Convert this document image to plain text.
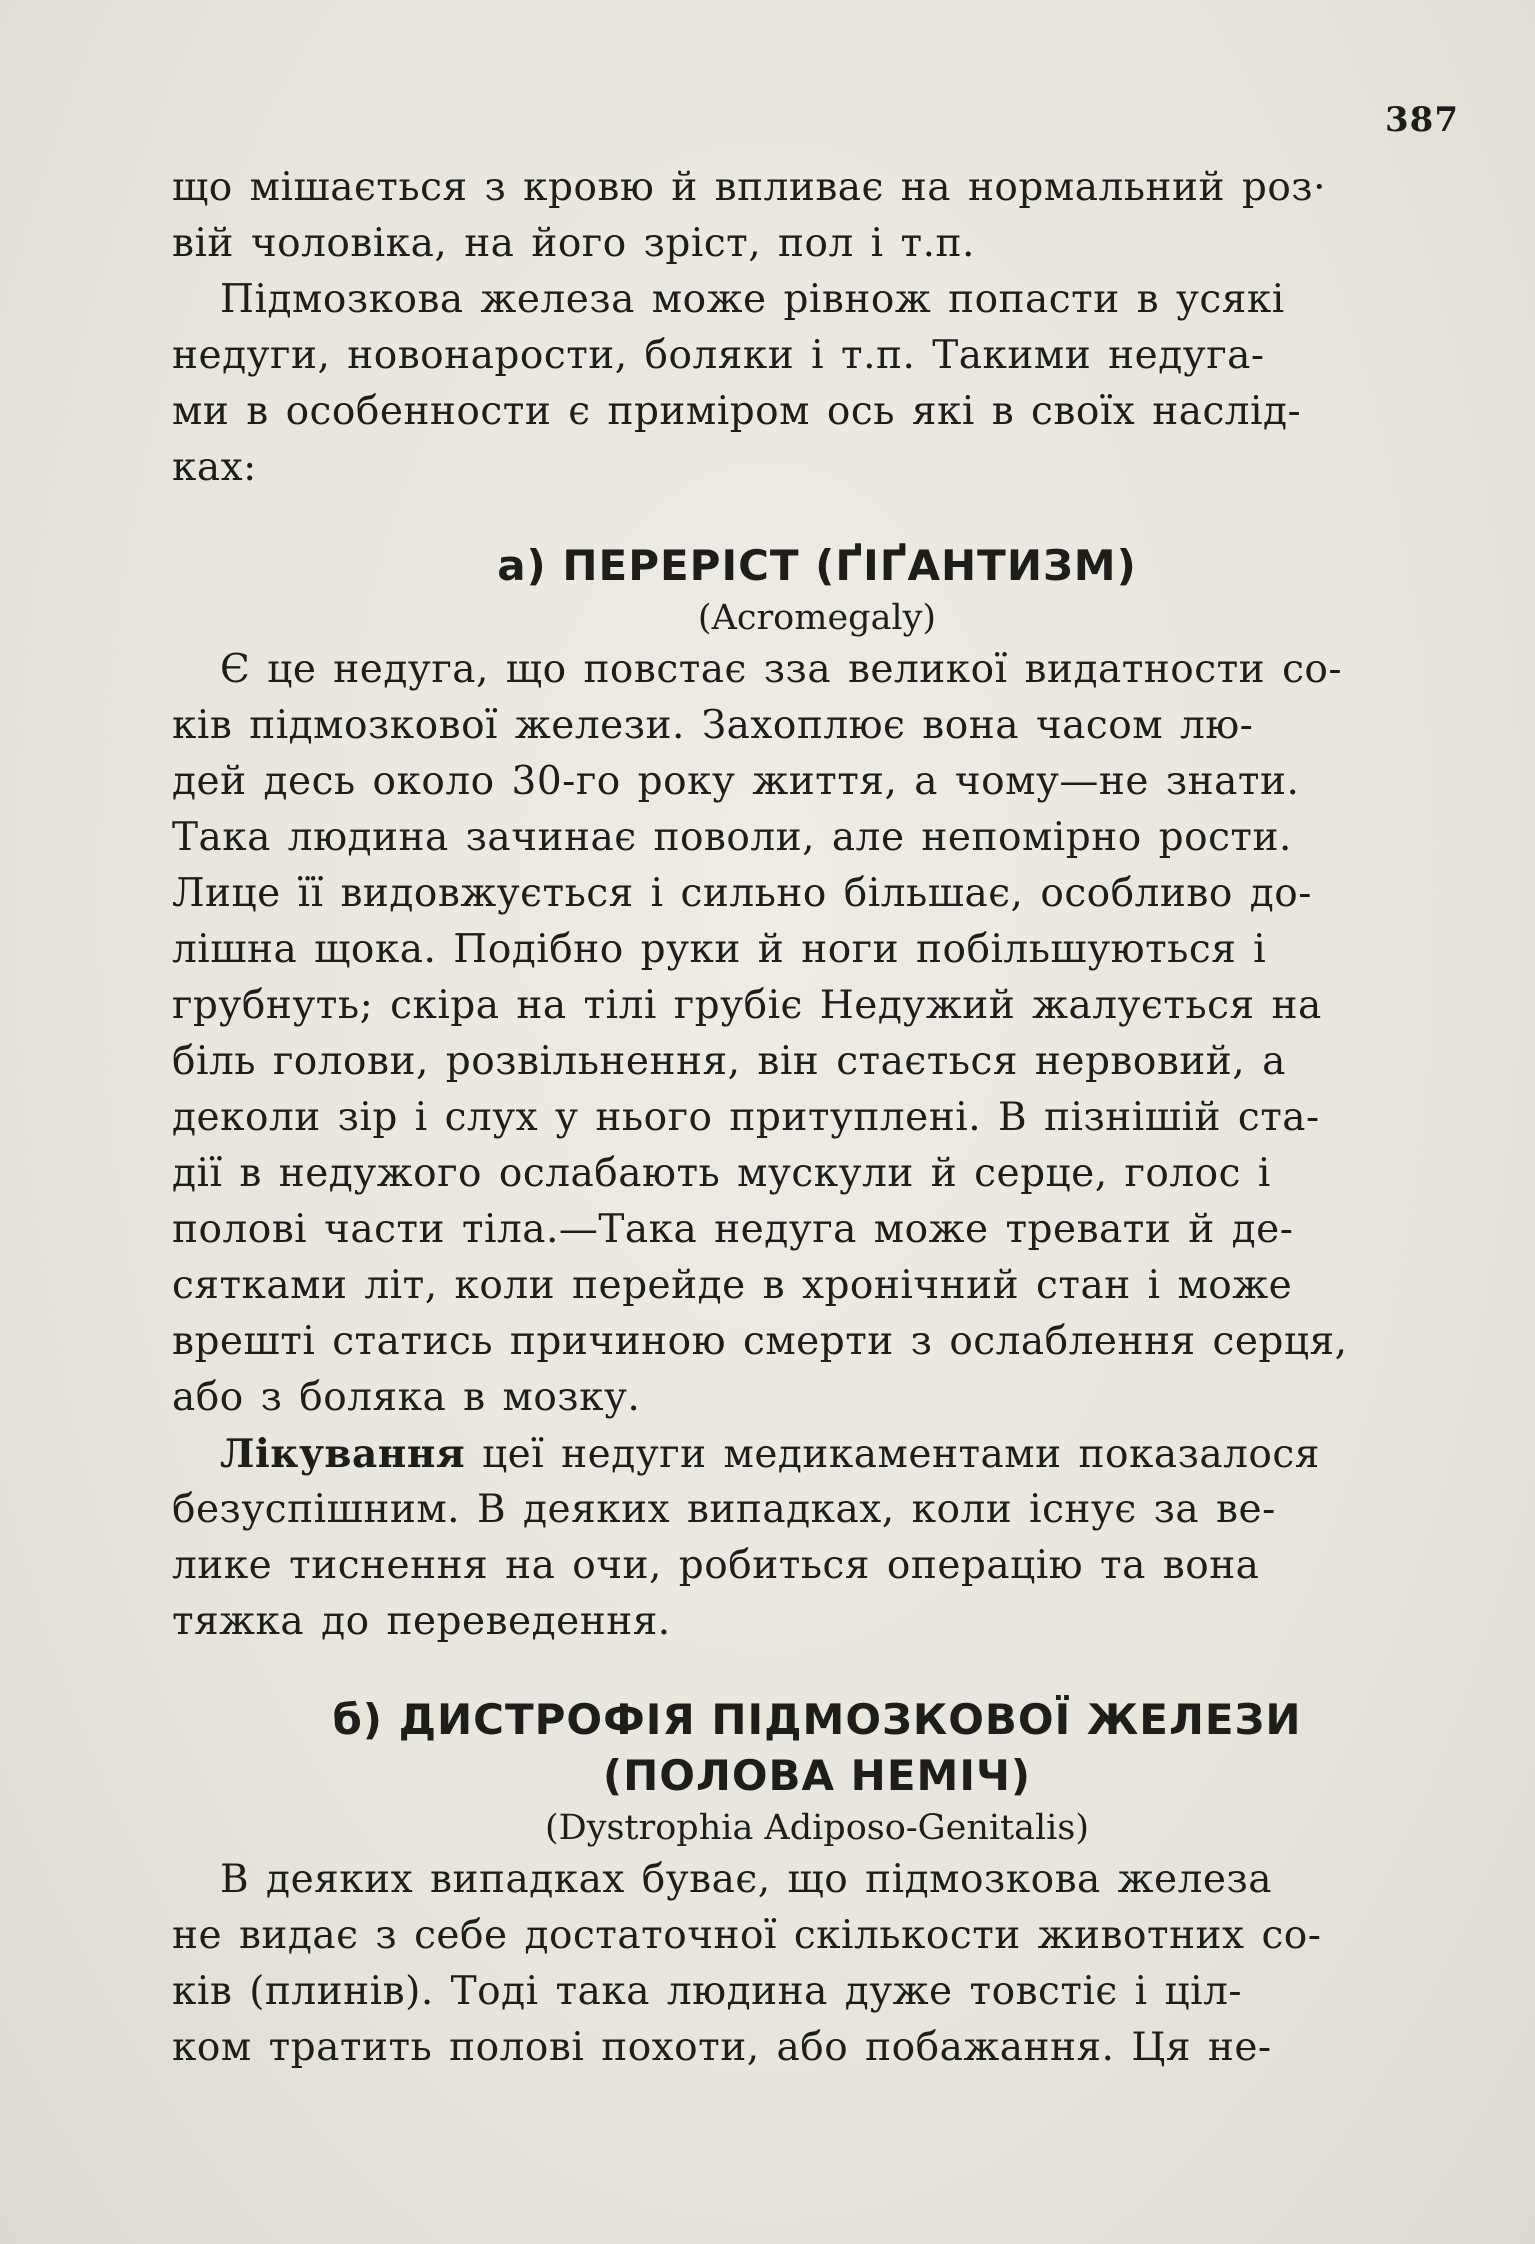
387
що мішається з кровю й впливає на нормальний роз·
вій чоловіка, на його зріст, пол і т.п.
Підмозкова железа може рівнож попасти в усякі
недуги, новонарости, боляки і т.п. Такими недуга-
ми в особенности є приміром ось які в своїх наслід-
ках:
а) ПЕРЕРІСТ (ҐІҐАНТИЗМ)
(Acromegaly)
Є це недуга, що повстає зза великої видатности со-
ків підмозкової желези. Захоплює вона часом лю-
дей десь около 30-го року життя, а чому—не знати.
Така людина зачинає поволи, але непомірно рости.
Лице її видовжується і сильно більшає, особливо до-
лішна щока. Подібно руки й ноги побільшуються і
грубнуть; скіра на тілі грубіє Недужий жалується на
біль голови, розвільнення, він стається нервовий, а
деколи зір і слух у нього притуплені. В пізнішій ста-
дії в недужого ослабають мускули й серце, голос і
полові части тіла.—Така недуга може тревати й де-
сятками літ, коли перейде в хронічний стан і може
врешті статись причиною смерти з ослаблення серця,
або з боляка в мозку.
Лікування цеї недуги медикаментами показалося
безуспішним. В деяких випадках, коли існує за ве-
лике тиснення на очи, робиться операцію та вона
тяжка до переведення.
б) ДИСТРОФІЯ ПІДМОЗКОВОЇ ЖЕЛЕЗИ
(ПОЛОВА НЕМІЧ)
(Dystrophia Adiposo-Genitalis)
В деяких випадках буває, що підмозкова железа
не видає з себе достаточної скількости животних со-
ків (плинів). Тоді така людина дуже товстіє і ціл-
ком тратить полові похоти, або побажання. Ця не-
